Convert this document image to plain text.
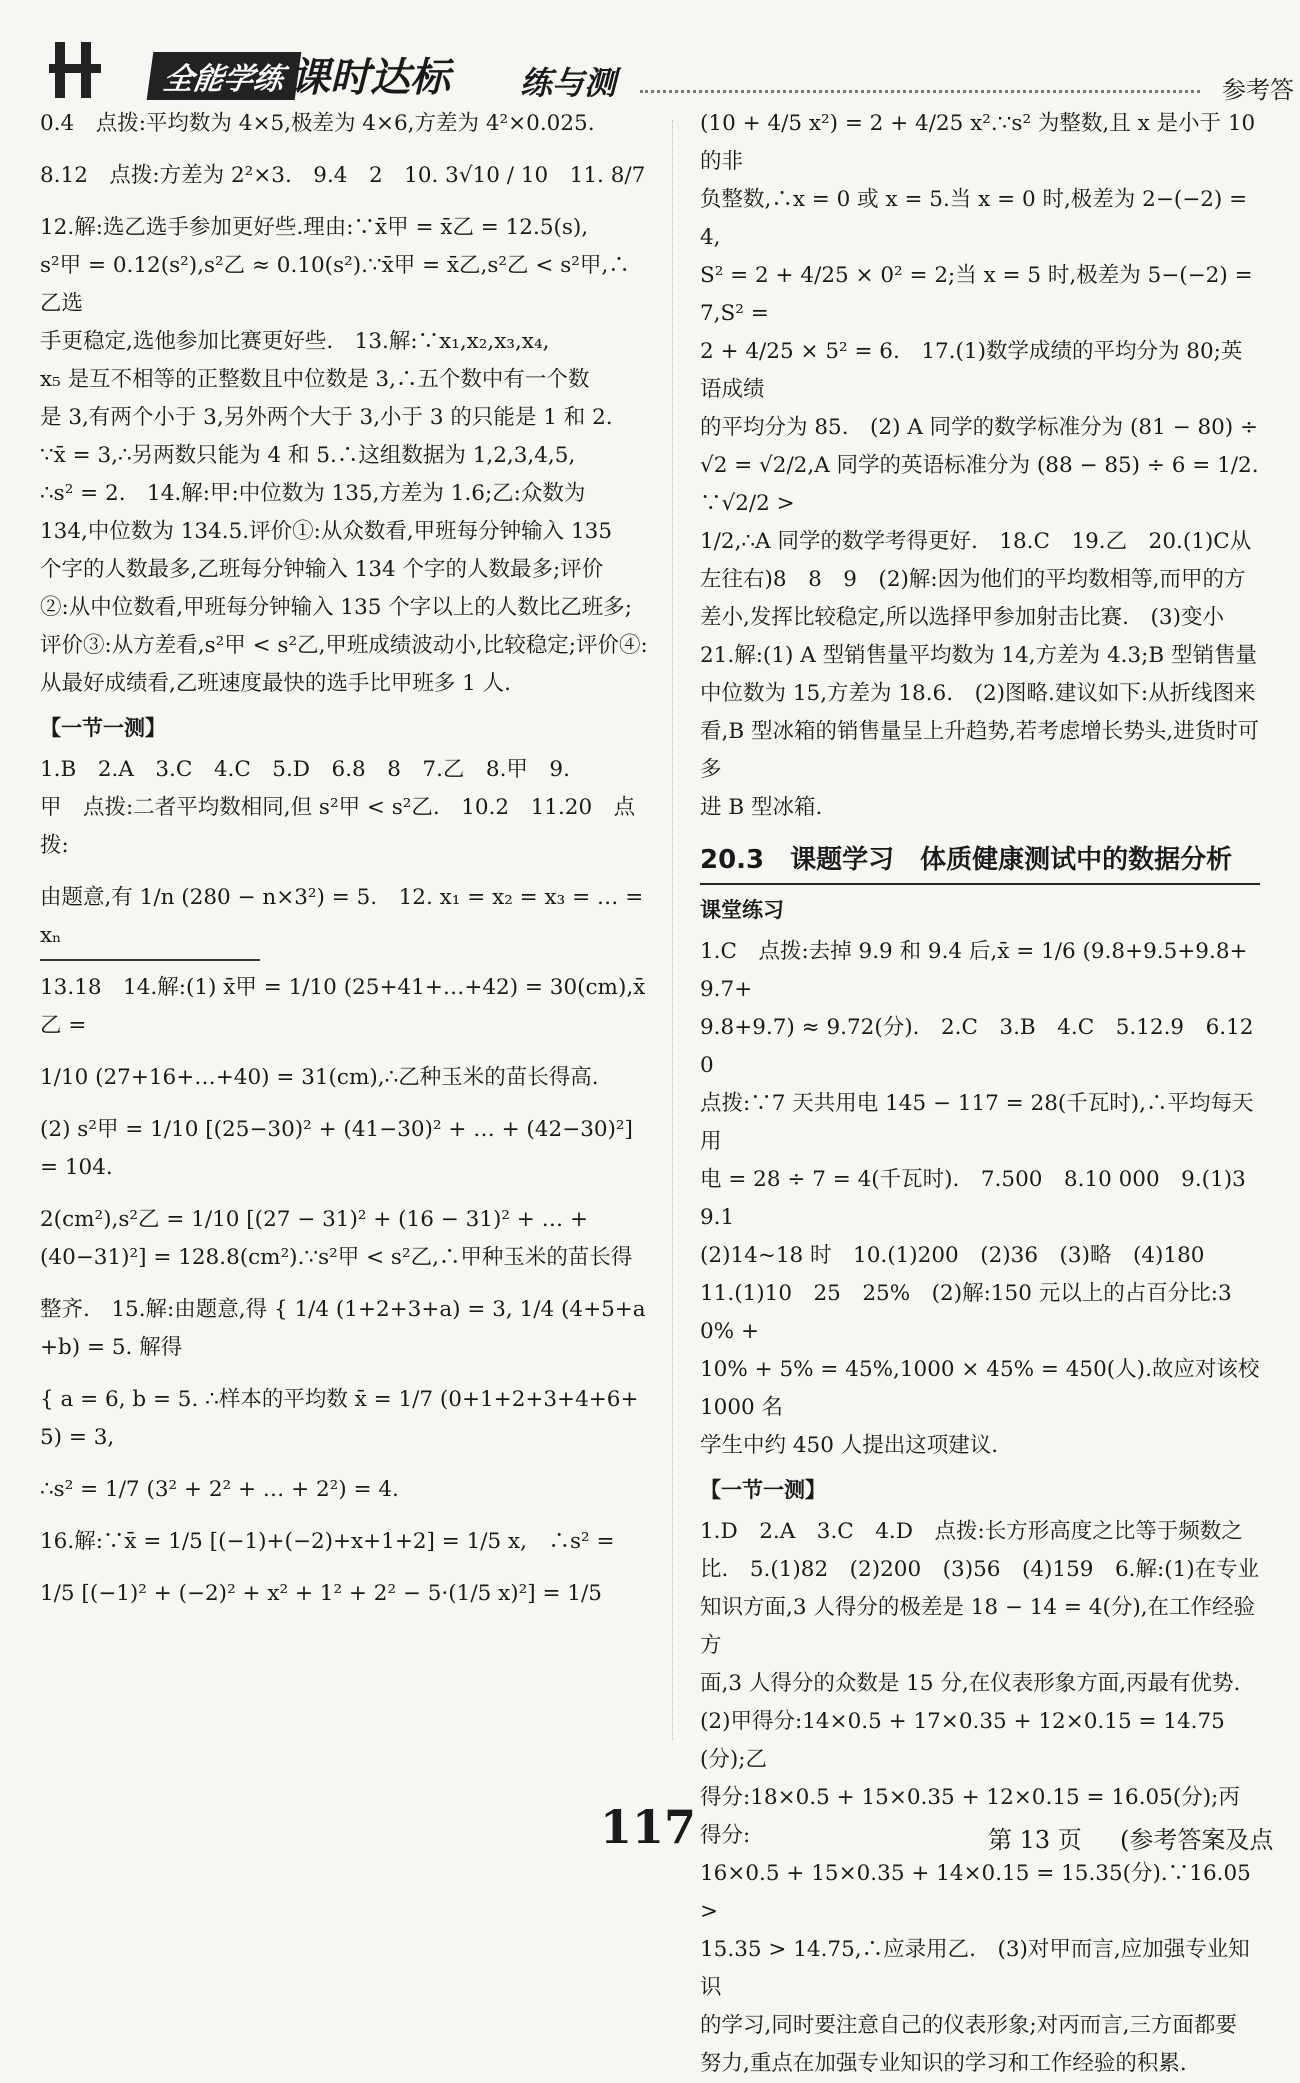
全能学练 课时达标 练与测	参考答

0.4　点拨:平均数为 4×5,极差为 4×6,方差为 4²×0.025.

8.12　点拨:方差为 2²×3.　9.4　2　10. 3√10 / 10　11. 8/7

12.解:选乙选手参加更好些.理由:∵x̄甲 = x̄乙 = 12.5(s),

s²甲 = 0.12(s²),s²乙 ≈ 0.10(s²).∵x̄甲 = x̄乙,s²乙 < s²甲,∴乙选

手更稳定,选他参加比赛更好些.　13.解:∵x₁,x₂,x₃,x₄,

x₅ 是互不相等的正整数且中位数是 3,∴五个数中有一个数

是 3,有两个小于 3,另外两个大于 3,小于 3 的只能是 1 和 2.

∵x̄ = 3,∴另两数只能为 4 和 5.∴这组数据为 1,2,3,4,5,

∴s² = 2.　14.解:甲:中位数为 135,方差为 1.6;乙:众数为

134,中位数为 134.5.评价①:从众数看,甲班每分钟输入 135

个字的人数最多,乙班每分钟输入 134 个字的人数最多;评价

②:从中位数看,甲班每分钟输入 135 个字以上的人数比乙班多;

评价③:从方差看,s²甲 < s²乙,甲班成绩波动小,比较稳定;评价④:

从最好成绩看,乙班速度最快的选手比甲班多 1 人.

【一节一测】

1.B　2.A　3.C　4.C　5.D　6.8　8　7.乙　8.甲　9.

甲　点拨:二者平均数相同,但 s²甲 < s²乙.　10.2　11.20　点拨:

由题意,有 1/n (280 − n×3²) = 5.　12. x₁ = x₂ = x₃ = … = xₙ

13.18　14.解:(1) x̄甲 = 1/10 (25+41+…+42) = 30(cm),x̄乙 =

1/10 (27+16+…+40) = 31(cm),∴乙种玉米的苗长得高.

(2) s²甲 = 1/10 [(25−30)² + (41−30)² + … + (42−30)²] = 104.

2(cm²),s²乙 = 1/10 [(27 − 31)² + (16 − 31)² + … +

(40−31)²] = 128.8(cm²).∵s²甲 < s²乙,∴甲种玉米的苗长得

整齐.　15.解:由题意,得 { 1/4 (1+2+3+a) = 3, 1/4 (4+5+a+b) = 5. 解得

{ a = 6, b = 5. ∴样本的平均数 x̄ = 1/7 (0+1+2+3+4+6+5) = 3,

∴s² = 1/7 (3² + 2² + … + 2²) = 4.

16.解:∵x̄ = 1/5 [(−1)+(−2)+x+1+2] = 1/5 x,　∴s² =

1/5 [(−1)² + (−2)² + x² + 1² + 2² − 5·(1/5 x)²] = 1/5

(10 + 4/5 x²) = 2 + 4/25 x².∵s² 为整数,且 x 是小于 10 的非

负整数,∴x = 0 或 x = 5.当 x = 0 时,极差为 2−(−2) = 4,

S² = 2 + 4/25 × 0² = 2;当 x = 5 时,极差为 5−(−2) = 7,S² =

2 + 4/25 × 5² = 6.　17.(1)数学成绩的平均分为 80;英语成绩

的平均分为 85.　(2) A 同学的数学标准分为 (81 − 80) ÷

√2 = √2/2,A 同学的英语标准分为 (88 − 85) ÷ 6 = 1/2.∵√2/2 >

1/2,∴A 同学的数学考得更好.　18.C　19.乙　20.(1)C从

左往右)8　8　9　(2)解:因为他们的平均数相等,而甲的方

差小,发挥比较稳定,所以选择甲参加射击比赛.　(3)变小

21.解:(1) A 型销售量平均数为 14,方差为 4.3;B 型销售量

中位数为 15,方差为 18.6.　(2)图略.建议如下:从折线图来

看,B 型冰箱的销售量呈上升趋势,若考虑增长势头,进货时可多

进 B 型冰箱.

20.3　课题学习　体质健康测试中的数据分析
课堂练习

1.C　点拨:去掉 9.9 和 9.4 后,x̄ = 1/6 (9.8+9.5+9.8+9.7+

9.8+9.7) ≈ 9.72(分).　2.C　3.B　4.C　5.12.9　6.120

点拨:∵7 天共用电 145 − 117 = 28(千瓦时),∴平均每天用

电 = 28 ÷ 7 = 4(千瓦时).　7.500　8.10 000　9.(1)39.1

(2)14~18 时　10.(1)200　(2)36　(3)略　(4)180

11.(1)10　25　25%　(2)解:150 元以上的占百分比:30% +

10% + 5% = 45%,1000 × 45% = 450(人).故应对该校 1000 名

学生中约 450 人提出这项建议.

【一节一测】

1.D　2.A　3.C　4.D　点拨:长方形高度之比等于频数之

比.　5.(1)82　(2)200　(3)56　(4)159　6.解:(1)在专业

知识方面,3 人得分的极差是 18 − 14 = 4(分),在工作经验方

面,3 人得分的众数是 15 分,在仪表形象方面,丙最有优势.

(2)甲得分:14×0.5 + 17×0.35 + 12×0.15 = 14.75(分);乙

得分:18×0.5 + 15×0.35 + 12×0.15 = 16.05(分);丙得分:

16×0.5 + 15×0.35 + 14×0.15 = 15.35(分).∵16.05 >

15.35 > 14.75,∴应录用乙.　(3)对甲而言,应加强专业知识

的学习,同时要注意自己的仪表形象;对丙而言,三方面都要

努力,重点在加强专业知识的学习和工作经验的积累.

117	第 13 页 (参考答案及点
